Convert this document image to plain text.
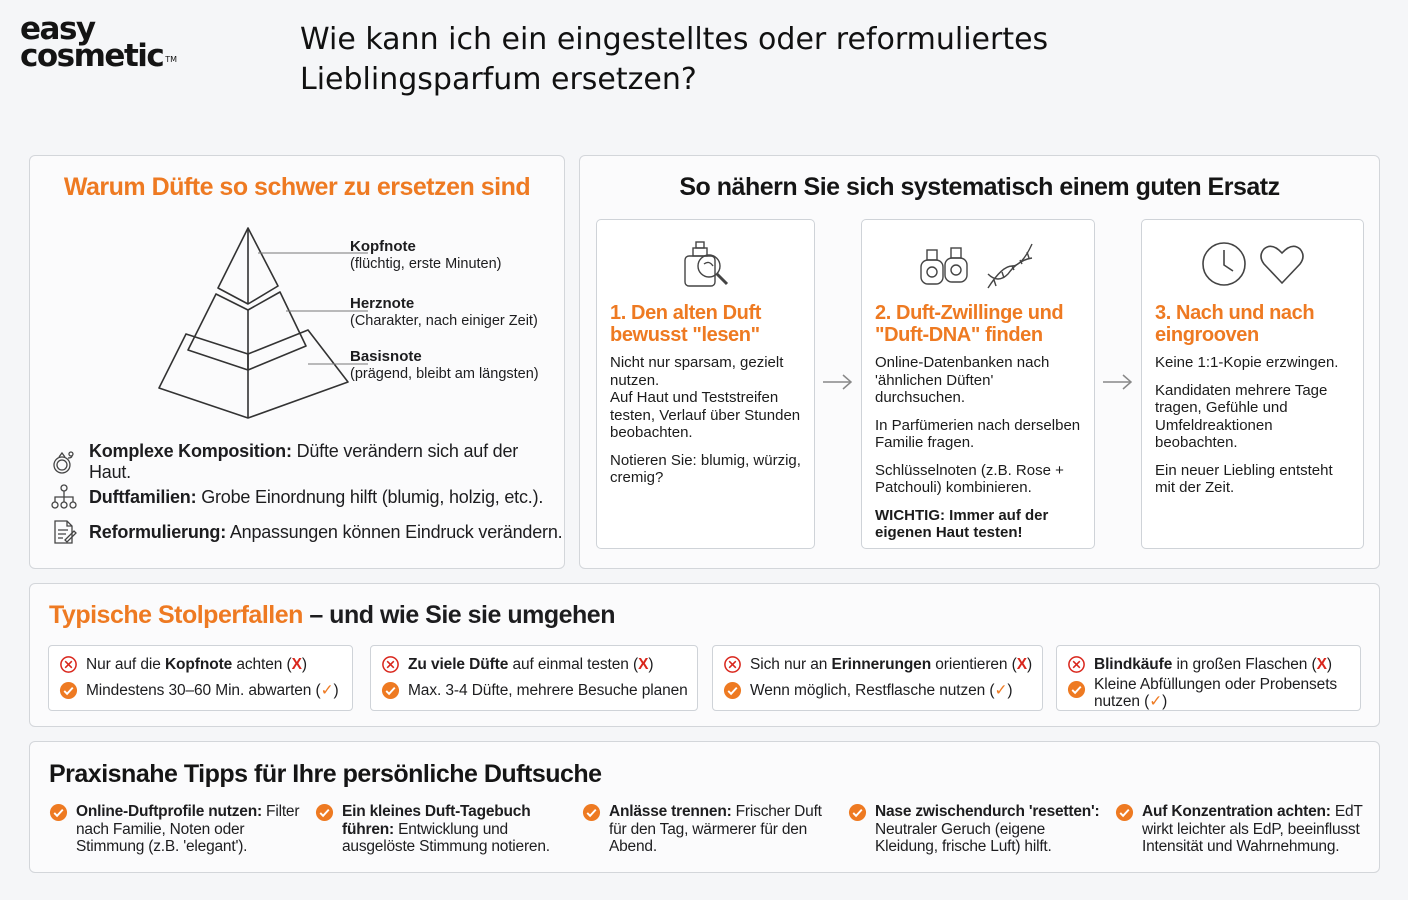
easy
cosmetic ™
Wie kann ich ein eingestelltes oder reformuliertes
Lieblingsparfum ersetzen?
Warum Düfte so schwer zu ersetzen sind
Kopfnote
(flüchtig, erste Minuten)
Herznote
(Charakter, nach einiger Zeit)
Basisnote
(prägend, bleibt am längsten)
Komplexe Komposition: Düfte verändern sich auf der Haut.
Duftfamilien: Grobe Einordnung hilft (blumig, holzig, etc.).
Reformulierung: Anpassungen können Eindruck verändern.
So nähern Sie sich systematisch einem guten Ersatz
1. Den alten Duft
bewusst "lesen"

Nicht nur sparsam, gezielt nutzen.

Auf Haut und Teststreifen testen, Verlauf über Stunden beobachten.

Notieren Sie: blumig, würzig, cremig?

2. Duft-Zwillinge und
"Duft-DNA" finden

Online-Datenbanken nach 'ähnlichen Düften' durchsuchen.

In Parfümerien nach derselben Familie fragen.

Schlüsselnoten (z.B. Rose + Patchouli) kombinieren.

WICHTIG: Immer auf der eigenen Haut testen!

3. Nach und nach
eingrooven

Keine 1:1-Kopie erzwingen.

Kandidaten mehrere Tage tragen, Gefühle und Umfeldreaktionen beobachten.

Ein neuer Liebling entsteht mit der Zeit.

Typische Stolperfallen – und wie Sie sie umgehen
Nur auf die Kopfnote achten (X)
Mindestens 30–60 Min. abwarten (✓)
Zu viele Düfte auf einmal testen (X)
Max. 3-4 Düfte, mehrere Besuche planen
Sich nur an Erinnerungen orientieren (X)
Wenn möglich, Restflasche nutzen (✓)
Blindkäufe in großen Flaschen (X)
Kleine Abfüllungen oder Probensets nutzen (✓)
Praxisnahe Tipps für Ihre persönliche Duftsuche
Online-Duftprofile nutzen: Filter nach Familie, Noten oder Stimmung (z.B. 'elegant').
Ein kleines Duft-Tagebuch führen: Entwicklung und ausgelöste Stimmung notieren.
Anlässe trennen: Frischer Duft für den Tag, wärmerer für den Abend.
Nase zwischendurch 'resetten': Neutraler Geruch (eigene Kleidung, frische Luft) hilft.
Auf Konzentration achten: EdT wirkt leichter als EdP, beeinflusst Intensität und Wahrnehmung.
